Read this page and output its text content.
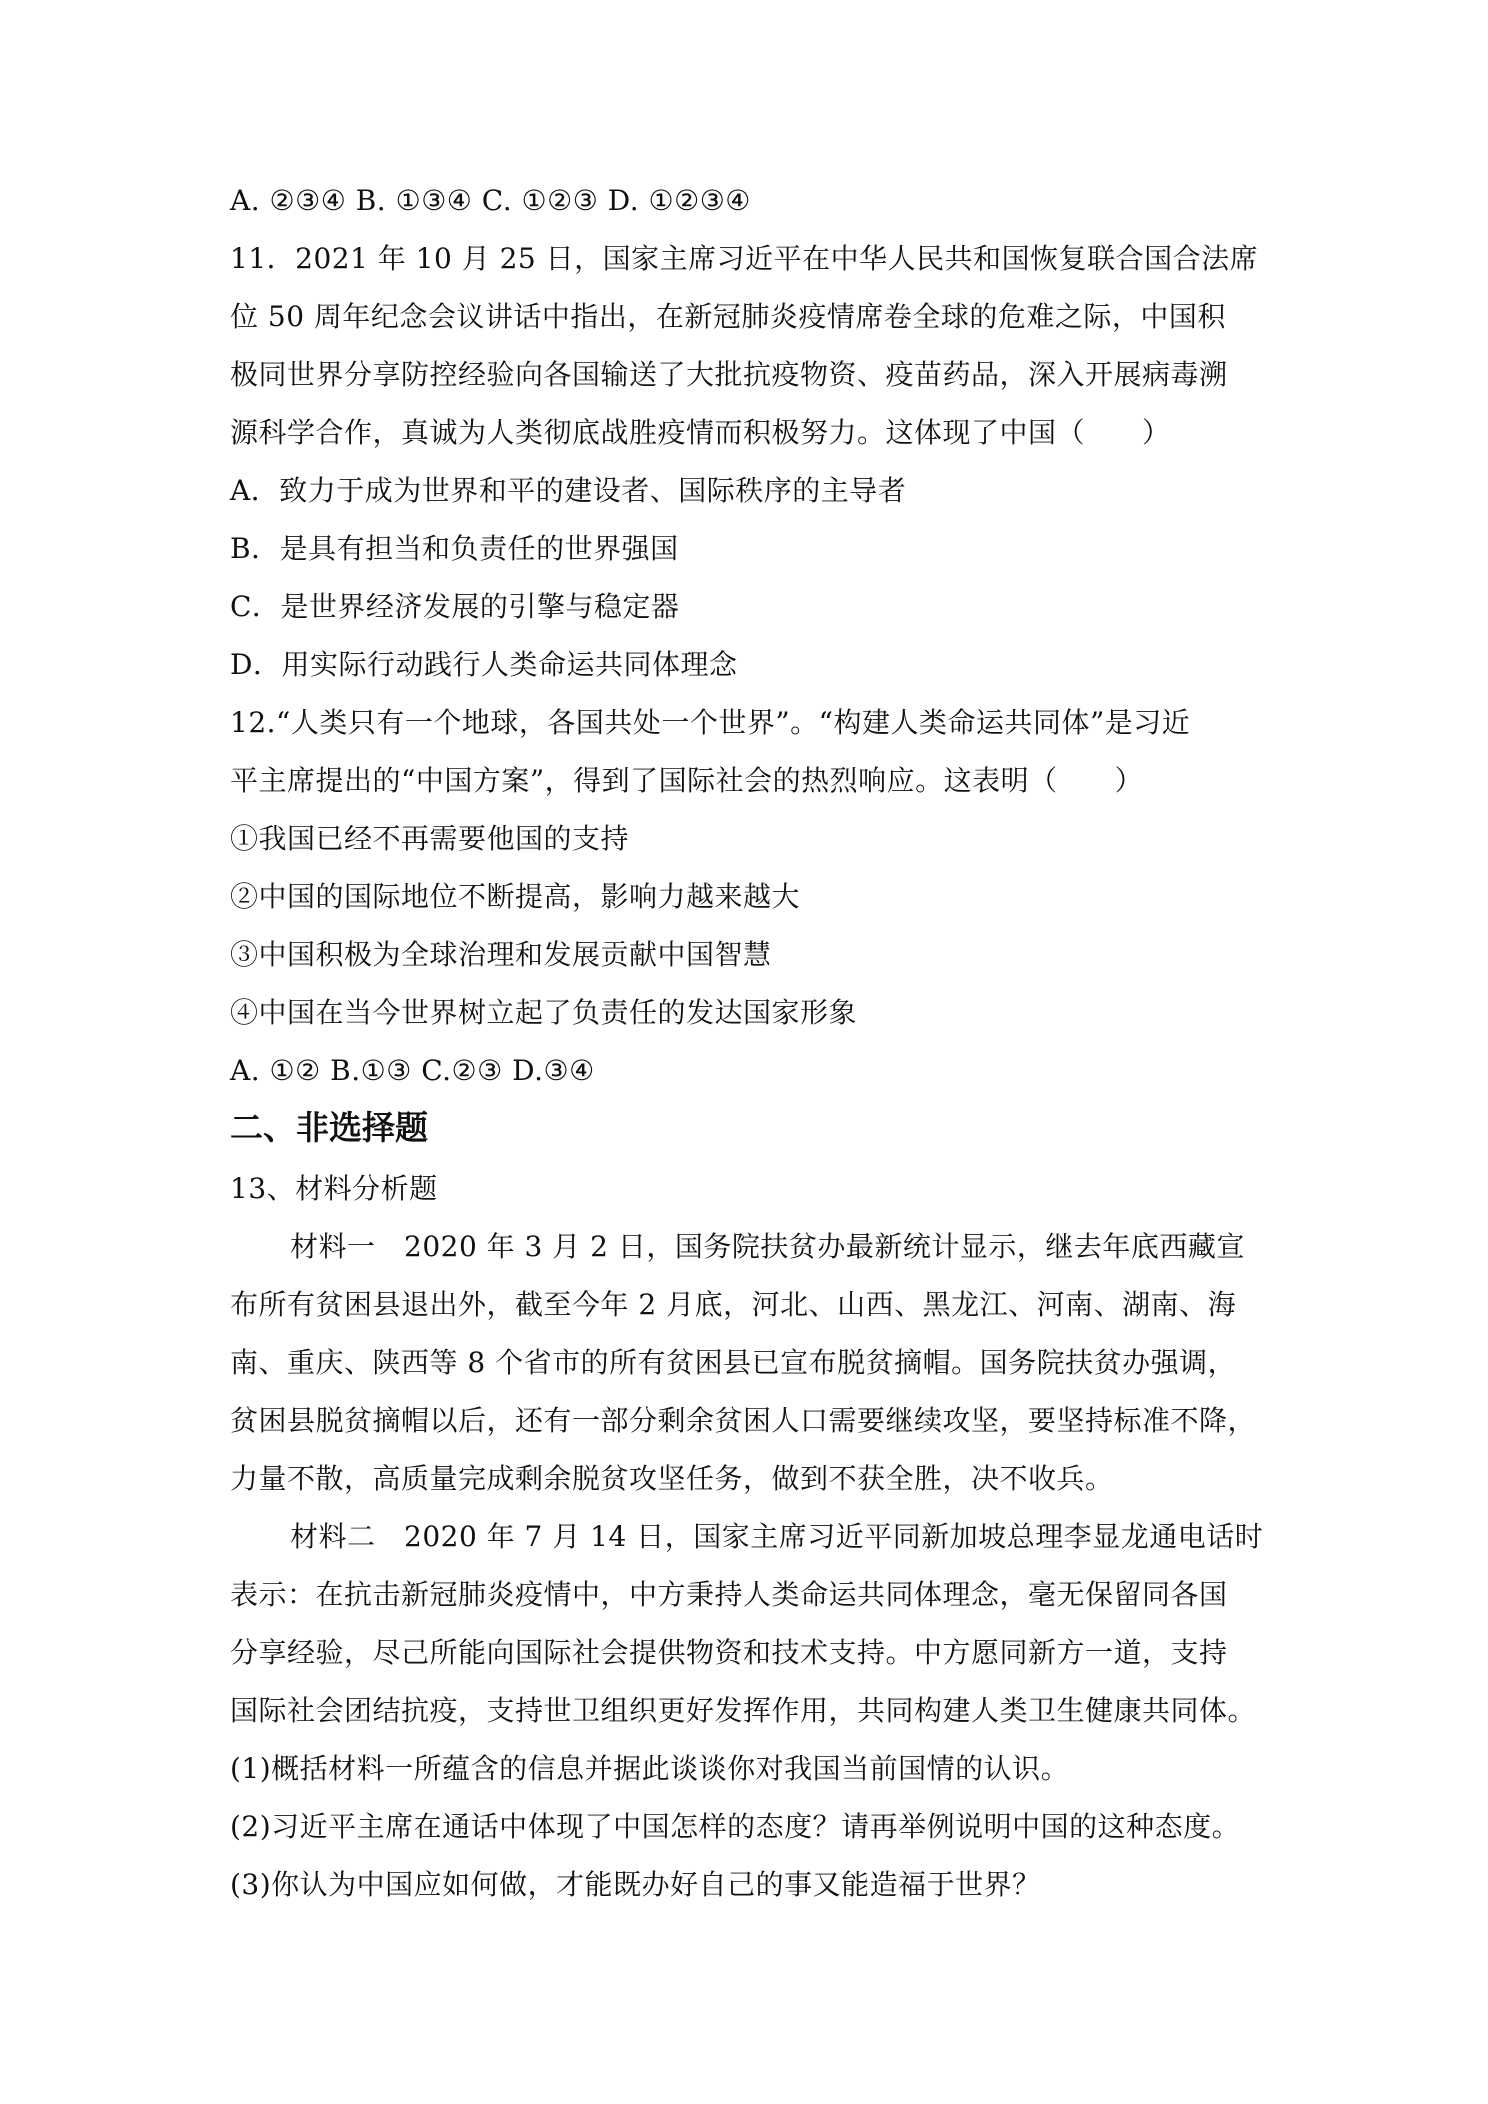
A. ②③④ B. ①③④ C. ①②③ D. ①②③④
11．2021 年 10 月 25 日，国家主席习近平在中华人民共和国恢复联合国合法席
位 50 周年纪念会议讲话中指出，在新冠肺炎疫情席卷全球的危难之际，中国积
极同世界分享防控经验向各国输送了大批抗疫物资、疫苗药品，深入开展病毒溯
源科学合作，真诚为人类彻底战胜疫情而积极努力。这体现了中国（　　）
A．致力于成为世界和平的建设者、国际秩序的主导者
B．是具有担当和负责任的世界强国
C．是世界经济发展的引擎与稳定器
D．用实际行动践行人类命运共同体理念
12.“人类只有一个地球，各国共处一个世界”。“构建人类命运共同体”是习近
平主席提出的“中国方案”，得到了国际社会的热烈响应。这表明（　　）
①我国已经不再需要他国的支持
②中国的国际地位不断提高，影响力越来越大
③中国积极为全球治理和发展贡献中国智慧
④中国在当今世界树立起了负责任的发达国家形象
A. ①② B.①③ C.②③ D.③④
二、非选择题
13、材料分析题
材料一　2020 年 3 月 2 日，国务院扶贫办最新统计显示，继去年底西藏宣
布所有贫困县退出外，截至今年 2 月底，河北、山西、黑龙江、河南、湖南、海
南、重庆、陕西等 8 个省市的所有贫困县已宣布脱贫摘帽。国务院扶贫办强调，
贫困县脱贫摘帽以后，还有一部分剩余贫困人口需要继续攻坚，要坚持标准不降，
力量不散，高质量完成剩余脱贫攻坚任务，做到不获全胜，决不收兵。
材料二　2020 年 7 月 14 日，国家主席习近平同新加坡总理李显龙通电话时
表示：在抗击新冠肺炎疫情中，中方秉持人类命运共同体理念，毫无保留同各国
分享经验，尽己所能向国际社会提供物资和技术支持。中方愿同新方一道，支持
国际社会团结抗疫，支持世卫组织更好发挥作用，共同构建人类卫生健康共同体。
(1)概括材料一所蕴含的信息并据此谈谈你对我国当前国情的认识。
(2)习近平主席在通话中体现了中国怎样的态度？请再举例说明中国的这种态度。
(3)你认为中国应如何做，才能既办好自己的事又能造福于世界？
